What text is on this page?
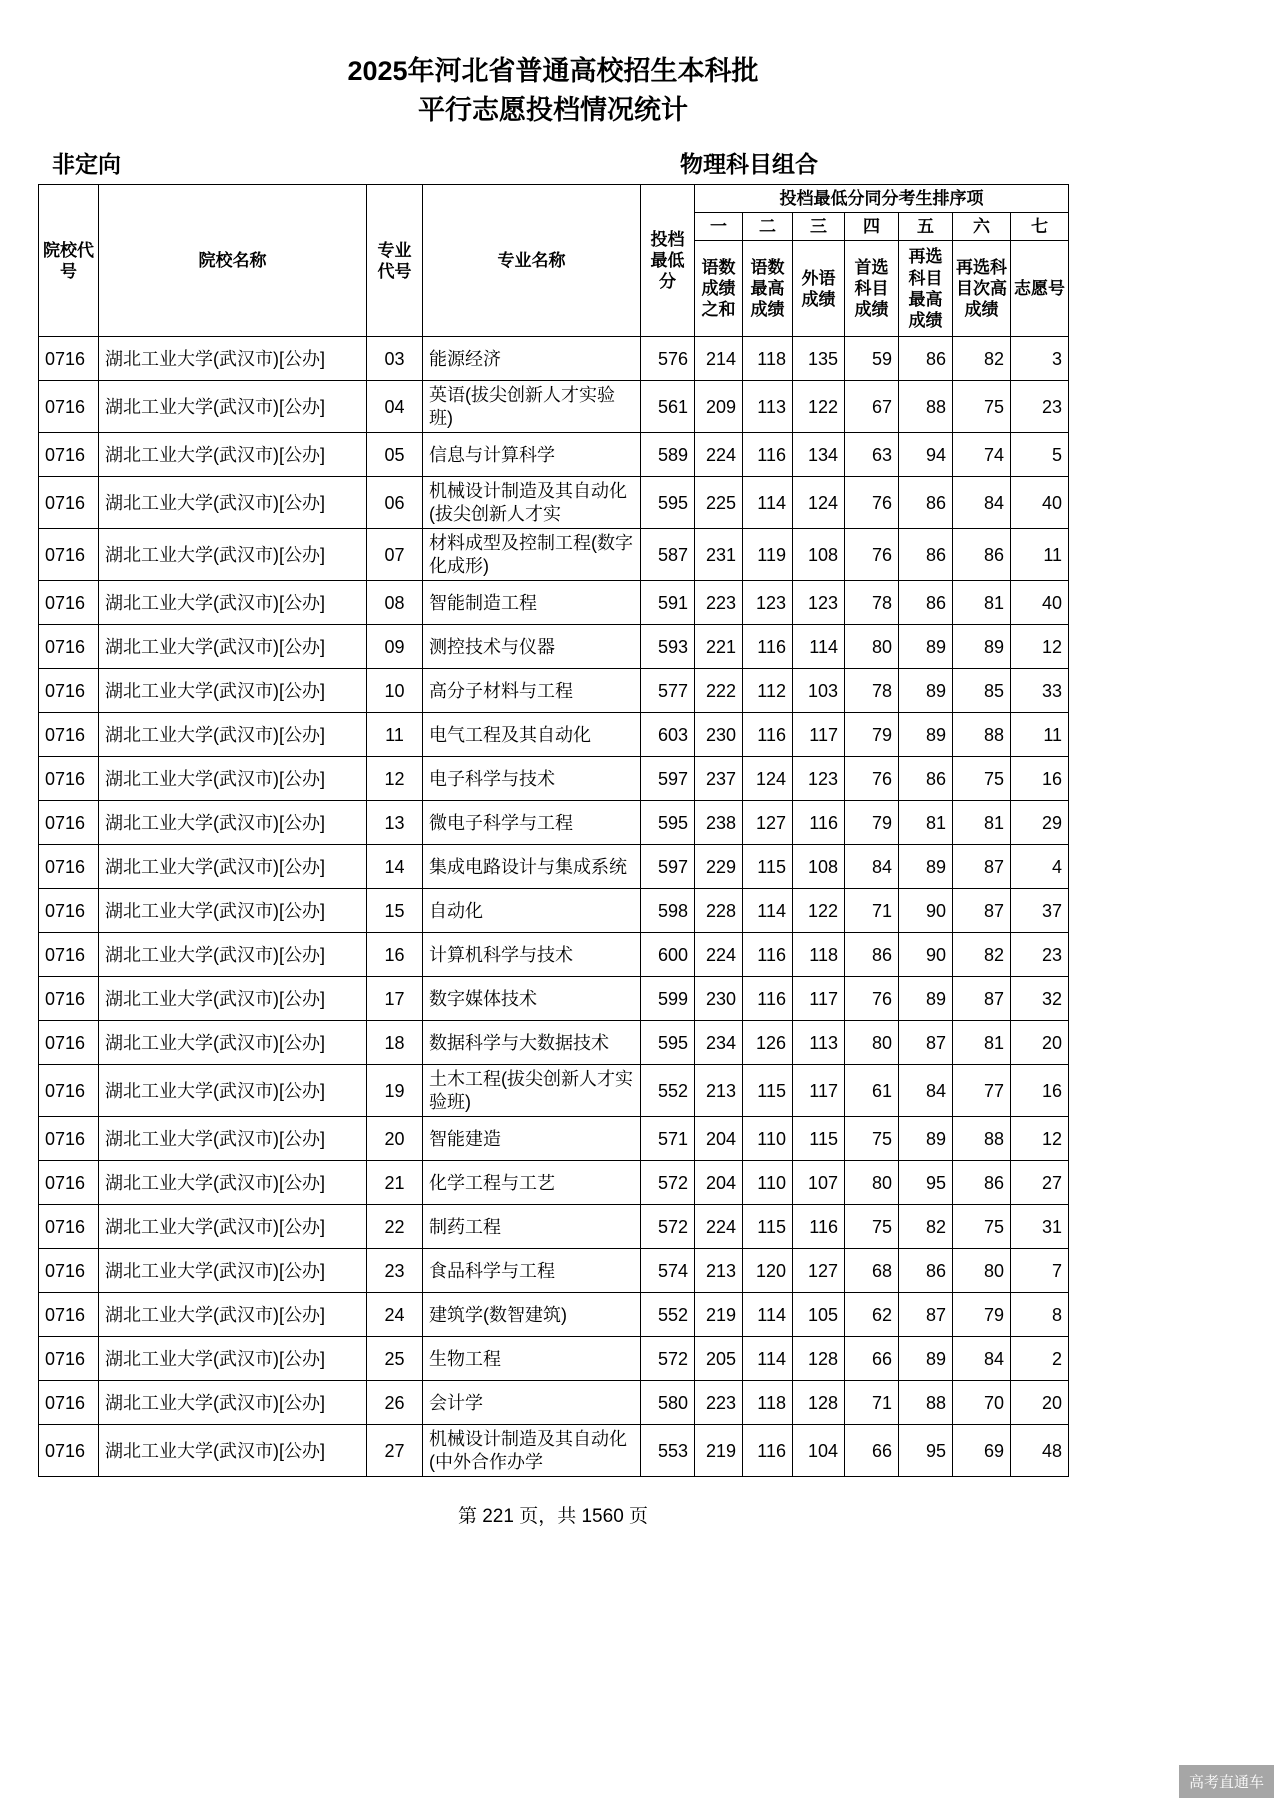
2025年河北省普通高校招生本科批
平行志愿投档情况统计
非定向	物理科目组合
院校代号	院校名称	专业代号	专业名称	投档最低分	投档最低分同分考生排序项						
					一	二	三	四	五	六	七
					语数成绩之和	语数最高成绩	外语成绩	首选科目成绩	再选科目最高成绩	再选科目次高成绩	志愿号
0716	湖北工业大学(武汉市)[公办]	03	能源经济	576	214	118	135	59	86	82	3
0716	湖北工业大学(武汉市)[公办]	04	英语(拔尖创新人才实验班)	561	209	113	122	67	88	75	23
0716	湖北工业大学(武汉市)[公办]	05	信息与计算科学	589	224	116	134	63	94	74	5
0716	湖北工业大学(武汉市)[公办]	06	机械设计制造及其自动化(拔尖创新人才实	595	225	114	124	76	86	84	40
0716	湖北工业大学(武汉市)[公办]	07	材料成型及控制工程(数字化成形)	587	231	119	108	76	86	86	11
0716	湖北工业大学(武汉市)[公办]	08	智能制造工程	591	223	123	123	78	86	81	40
0716	湖北工业大学(武汉市)[公办]	09	测控技术与仪器	593	221	116	114	80	89	89	12
0716	湖北工业大学(武汉市)[公办]	10	高分子材料与工程	577	222	112	103	78	89	85	33
0716	湖北工业大学(武汉市)[公办]	11	电气工程及其自动化	603	230	116	117	79	89	88	11
0716	湖北工业大学(武汉市)[公办]	12	电子科学与技术	597	237	124	123	76	86	75	16
0716	湖北工业大学(武汉市)[公办]	13	微电子科学与工程	595	238	127	116	79	81	81	29
0716	湖北工业大学(武汉市)[公办]	14	集成电路设计与集成系统	597	229	115	108	84	89	87	4
0716	湖北工业大学(武汉市)[公办]	15	自动化	598	228	114	122	71	90	87	37
0716	湖北工业大学(武汉市)[公办]	16	计算机科学与技术	600	224	116	118	86	90	82	23
0716	湖北工业大学(武汉市)[公办]	17	数字媒体技术	599	230	116	117	76	89	87	32
0716	湖北工业大学(武汉市)[公办]	18	数据科学与大数据技术	595	234	126	113	80	87	81	20
0716	湖北工业大学(武汉市)[公办]	19	土木工程(拔尖创新人才实验班)	552	213	115	117	61	84	77	16
0716	湖北工业大学(武汉市)[公办]	20	智能建造	571	204	110	115	75	89	88	12
0716	湖北工业大学(武汉市)[公办]	21	化学工程与工艺	572	204	110	107	80	95	86	27
0716	湖北工业大学(武汉市)[公办]	22	制药工程	572	224	115	116	75	82	75	31
0716	湖北工业大学(武汉市)[公办]	23	食品科学与工程	574	213	120	127	68	86	80	7
0716	湖北工业大学(武汉市)[公办]	24	建筑学(数智建筑)	552	219	114	105	62	87	79	8
0716	湖北工业大学(武汉市)[公办]	25	生物工程	572	205	114	128	66	89	84	2
0716	湖北工业大学(武汉市)[公办]	26	会计学	580	223	118	128	71	88	70	20
0716	湖北工业大学(武汉市)[公办]	27	机械设计制造及其自动化(中外合作办学	553	219	116	104	66	95	69	48
第 221 页，共 1560 页
高考直通车
